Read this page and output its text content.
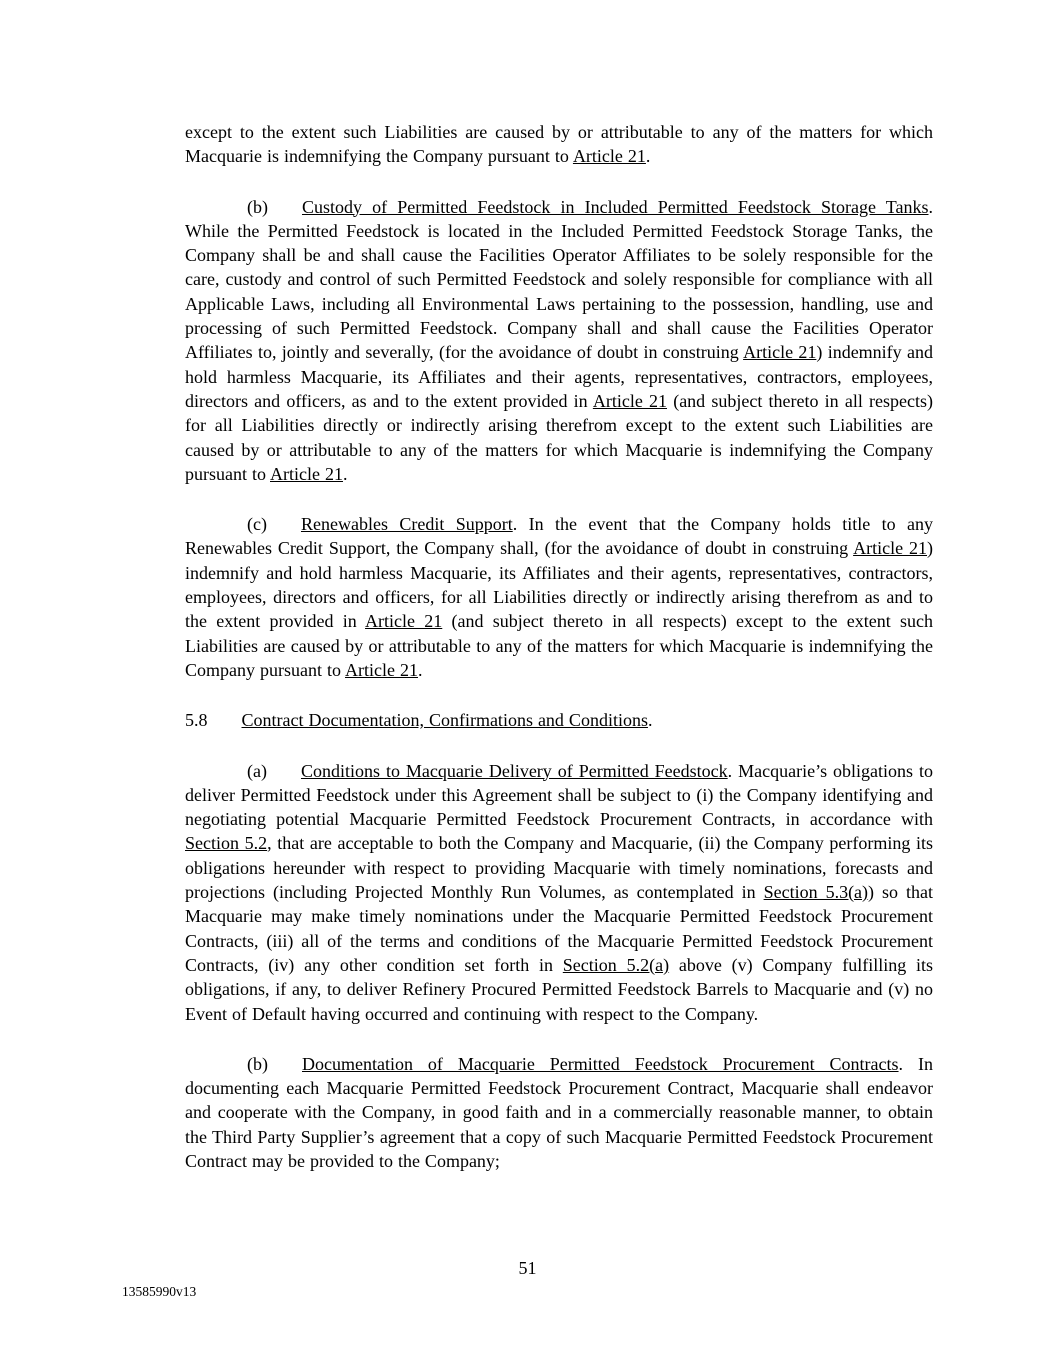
except to the extent such Liabilities are caused by or attributable to any of the matters for which Macquarie is indemnifying the Company pursuant to Article 21.

(b) Custody of Permitted Feedstock in Included Permitted Feedstock Storage Tanks. While the Permitted Feedstock is located in the Included Permitted Feedstock Storage Tanks, the Company shall be and shall cause the Facilities Operator Affiliates to be solely responsible for the care, custody and control of such Permitted Feedstock and solely responsible for compliance with all Applicable Laws, including all Environmental Laws pertaining to the possession, handling, use and processing of such Permitted Feedstock. Company shall and shall cause the Facilities Operator Affiliates to, jointly and severally, (for the avoidance of doubt in construing Article 21) indemnify and hold harmless Macquarie, its Affiliates and their agents, representatives, contractors, employees, directors and officers, as and to the extent provided in Article 21 (and subject thereto in all respects) for all Liabilities directly or indirectly arising therefrom except to the extent such Liabilities are caused by or attributable to any of the matters for which Macquarie is indemnifying the Company pursuant to Article 21.

(c) Renewables Credit Support. In the event that the Company holds title to any Renewables Credit Support, the Company shall, (for the avoidance of doubt in construing Article 21) indemnify and hold harmless Macquarie, its Affiliates and their agents, representatives, contractors, employees, directors and officers, for all Liabilities directly or indirectly arising therefrom as and to the extent provided in Article 21 (and subject thereto in all respects) except to the extent such Liabilities are caused by or attributable to any of the matters for which Macquarie is indemnifying the Company pursuant to Article 21.

5.8 Contract Documentation, Confirmations and Conditions.

(a) Conditions to Macquarie Delivery of Permitted Feedstock. Macquarie’s obligations to deliver Permitted Feedstock under this Agreement shall be subject to (i) the Company identifying and negotiating potential Macquarie Permitted Feedstock Procurement Contracts, in accordance with Section 5.2, that are acceptable to both the Company and Macquarie, (ii) the Company performing its obligations hereunder with respect to providing Macquarie with timely nominations, forecasts and projections (including Projected Monthly Run Volumes, as contemplated in Section 5.3(a)) so that Macquarie may make timely nominations under the Macquarie Permitted Feedstock Procurement Contracts, (iii) all of the terms and conditions of the Macquarie Permitted Feedstock Procurement Contracts, (iv) any other condition set forth in Section 5.2(a) above (v) Company fulfilling its obligations, if any, to deliver Refinery Procured Permitted Feedstock Barrels to Macquarie and (v) no Event of Default having occurred and continuing with respect to the Company.

(b) Documentation of Macquarie Permitted Feedstock Procurement Contracts. In documenting each Macquarie Permitted Feedstock Procurement Contract, Macquarie shall endeavor and cooperate with the Company, in good faith and in a commercially reasonable manner, to obtain the Third Party Supplier’s agreement that a copy of such Macquarie Permitted Feedstock Procurement Contract may be provided to the Company;

51
13585990v13
